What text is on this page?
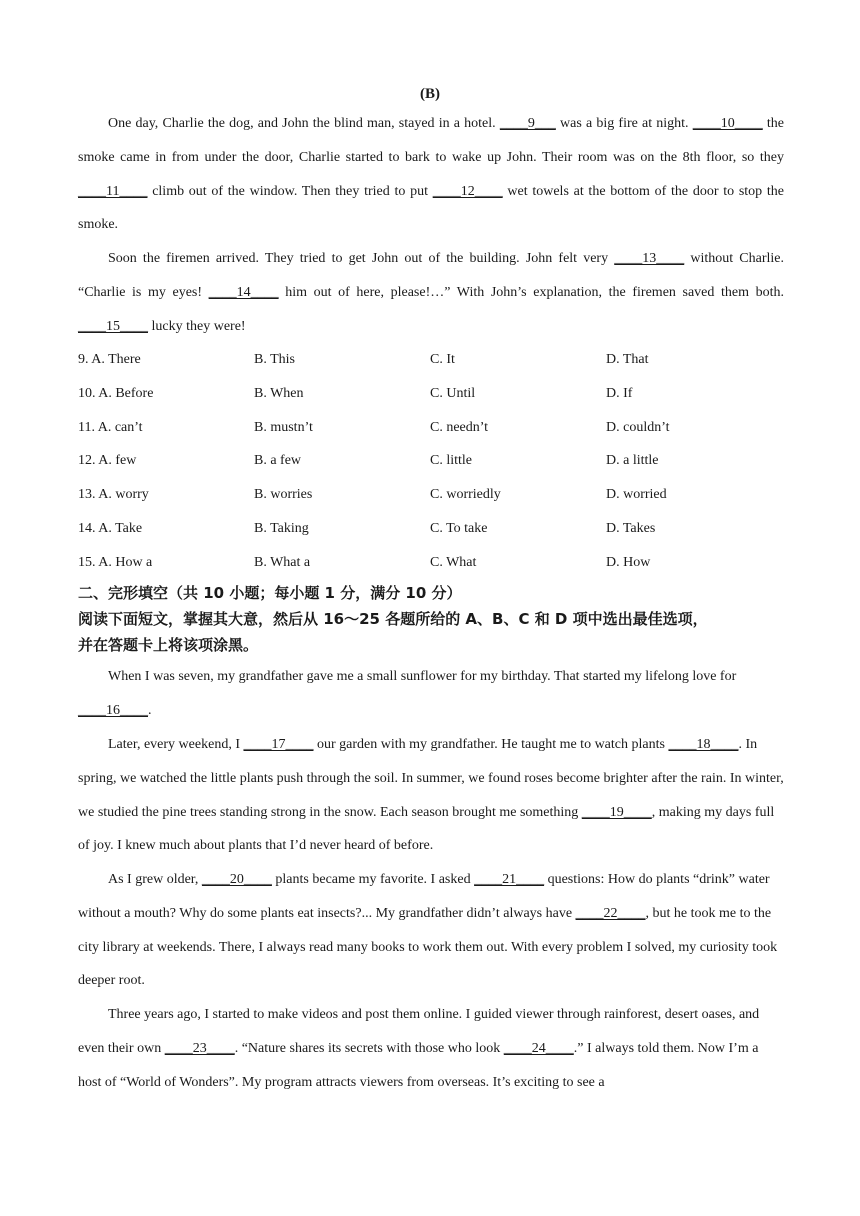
(B)

One day, Charlie the dog, and John the blind man, stayed in a hotel. ____9___ was a big fire at night. ____10____ the smoke came in from under the door, Charlie started to bark to wake up John. Their room was on the 8th floor, so they ____11____ climb out of the window. Then they tried to put ____12____ wet towels at the bottom of the door to stop the smoke.

Soon the firemen arrived. They tried to get John out of the building. John felt very ____13____ without Charlie. “Charlie is my eyes! ____14____ him out of here, please!…” With John’s explanation, the firemen saved them both. ____15____ lucky they were!

9. A. There	B. This	C. It	D. That
10. A. Before	B. When	C. Until	D. If
11. A. can’t	B. mustn’t	C. needn’t	D. couldn’t
12. A. few	B. a few	C. little	D. a little
13. A. worry	B. worries	C. worriedly	D. worried
14. A. Take	B. Taking	C. To take	D. Takes
15. A. How a	B. What a	C. What	D. How
二、完形填空（共 10 小题；每小题 1 分，满分 10 分）
阅读下面短文，掌握其大意，然后从 16～25 各题所给的 A、B、C 和 D 项中选出最佳选项，
并在答题卡上将该项涂黑。

When I was seven, my grandfather gave me a small sunflower for my birthday. That started my lifelong love for ____16____.

Later, every weekend, I ____17____ our garden with my grandfather. He taught me to watch plants ____18____. In spring, we watched the little plants push through the soil. In summer, we found roses become brighter after the rain. In winter, we studied the pine trees standing strong in the snow. Each season brought me something ____19____, making my days full of joy. I knew much about plants that I’d never heard of before.

As I grew older, ____20____ plants became my favorite. I asked ____21____ questions: How do plants “drink” water without a mouth? Why do some plants eat insects?... My grandfather didn’t always have ____22____, but he took me to the city library at weekends. There, I always read many books to work them out. With every problem I solved, my curiosity took deeper root.

Three years ago, I started to make videos and post them online. I guided viewer through rainforest, desert oases, and even their own ____23____. “Nature shares its secrets with those who look ____24____.” I always told them. Now I’m a host of “World of Wonders”. My program attracts viewers from overseas. It’s exciting to see a
